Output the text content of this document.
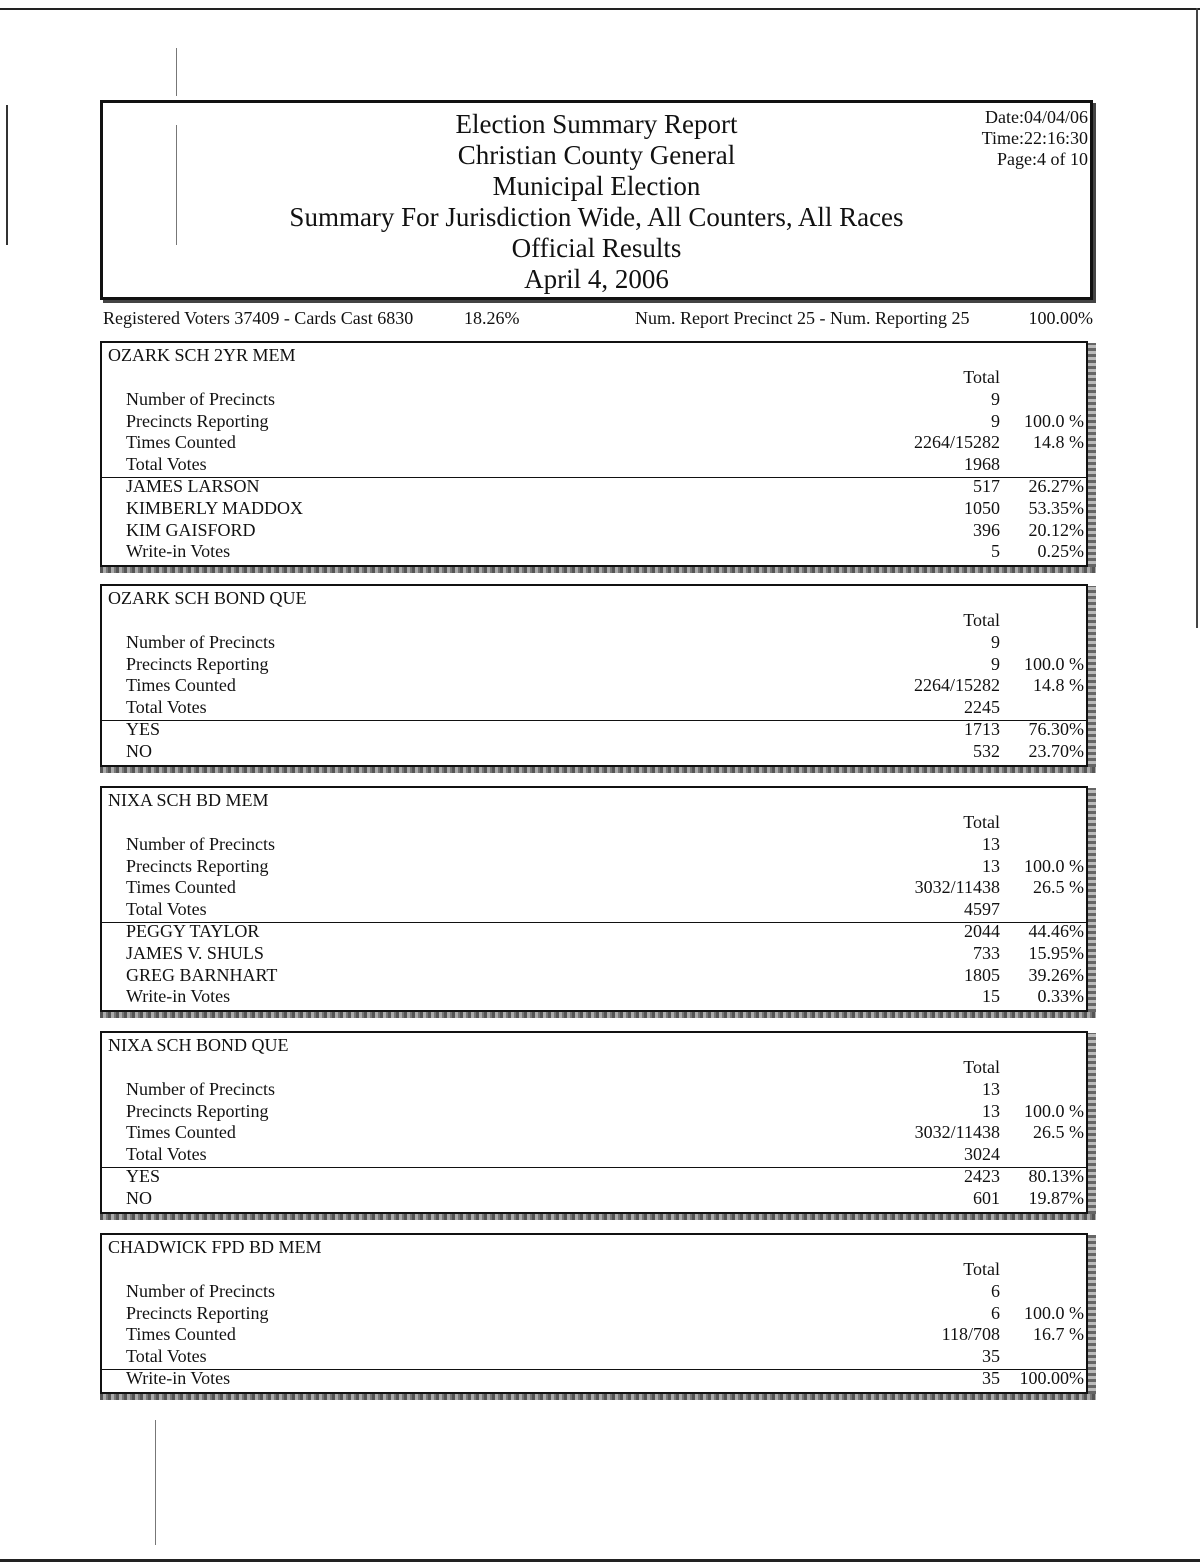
Election Summary Report
Christian County General
Municipal Election
Summary For Jurisdiction Wide, All Counters, All Races
Official Results
April 4, 2006
Date:04/04/06
Time:22:16:30
Page:4 of 10
Registered Voters 37409 - Cards Cast 6830	18.26%	Num. Report Precinct 25 - Num. Reporting 25	100.00%
OZARK SCH 2YR MEM
Total
Number of Precincts	9
Precincts Reporting	9 100.0 %
Times Counted	2264/15282 14.8 %
Total Votes	1968
JAMES LARSON	517 26.27%
KIMBERLY MADDOX	1050 53.35%
KIM GAISFORD	396 20.12%
Write-in Votes	5 0.25%
OZARK SCH BOND QUE
Total
Number of Precincts	9
Precincts Reporting	9 100.0 %
Times Counted	2264/15282 14.8 %
Total Votes	2245
YES	1713 76.30%
NO	532 23.70%
NIXA SCH BD MEM
Total
Number of Precincts	13
Precincts Reporting	13 100.0 %
Times Counted	3032/11438 26.5 %
Total Votes	4597
PEGGY TAYLOR	2044 44.46%
JAMES V. SHULS	733 15.95%
GREG BARNHART	1805 39.26%
Write-in Votes	15 0.33%
NIXA SCH BOND QUE
Total
Number of Precincts	13
Precincts Reporting	13 100.0 %
Times Counted	3032/11438 26.5 %
Total Votes	3024
YES	2423 80.13%
NO	601 19.87%
CHADWICK FPD BD MEM
Total
Number of Precincts	6
Precincts Reporting	6 100.0 %
Times Counted	118/708 16.7 %
Total Votes	35
Write-in Votes	35 100.00%
